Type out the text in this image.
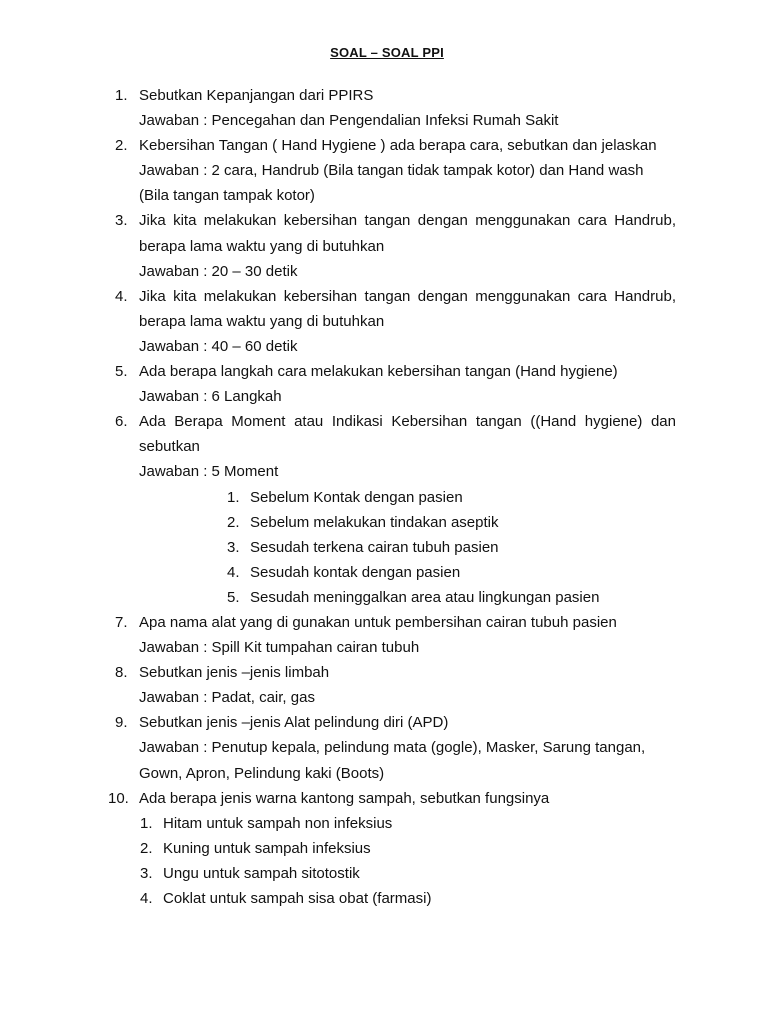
SOAL – SOAL PPI
1. Sebutkan Kepanjangan dari PPIRS
Jawaban : Pencegahan dan Pengendalian Infeksi Rumah Sakit
2. Kebersihan Tangan ( Hand Hygiene ) ada berapa cara, sebutkan dan jelaskan
Jawaban : 2 cara, Handrub (Bila tangan tidak tampak kotor) dan Hand wash (Bila tangan tampak kotor)
3. Jika kita melakukan kebersihan tangan dengan menggunakan cara Handrub, berapa lama waktu yang di butuhkan
Jawaban : 20 – 30 detik
4. Jika kita melakukan kebersihan tangan dengan menggunakan cara Handrub, berapa lama waktu yang di butuhkan
Jawaban : 40 – 60 detik
5. Ada berapa langkah cara melakukan kebersihan tangan (Hand hygiene)
Jawaban : 6 Langkah
6. Ada Berapa Moment atau Indikasi Kebersihan tangan ((Hand hygiene) dan sebutkan
Jawaban : 5 Moment
1. Sebelum Kontak dengan pasien
2. Sebelum melakukan tindakan aseptik
3. Sesudah terkena cairan tubuh pasien
4. Sesudah kontak dengan pasien
5. Sesudah meninggalkan area atau lingkungan pasien
7. Apa nama alat yang di gunakan untuk pembersihan cairan tubuh pasien
Jawaban : Spill Kit tumpahan cairan tubuh
8. Sebutkan jenis –jenis limbah
Jawaban : Padat, cair, gas
9. Sebutkan jenis –jenis Alat pelindung diri (APD)
Jawaban : Penutup kepala, pelindung mata (gogle), Masker, Sarung tangan, Gown, Apron, Pelindung kaki (Boots)
10. Ada berapa jenis warna kantong sampah, sebutkan fungsinya
1. Hitam untuk sampah non infeksius
2. Kuning untuk sampah infeksius
3. Ungu untuk sampah sitotostik
4. Coklat untuk sampah sisa obat (farmasi)
